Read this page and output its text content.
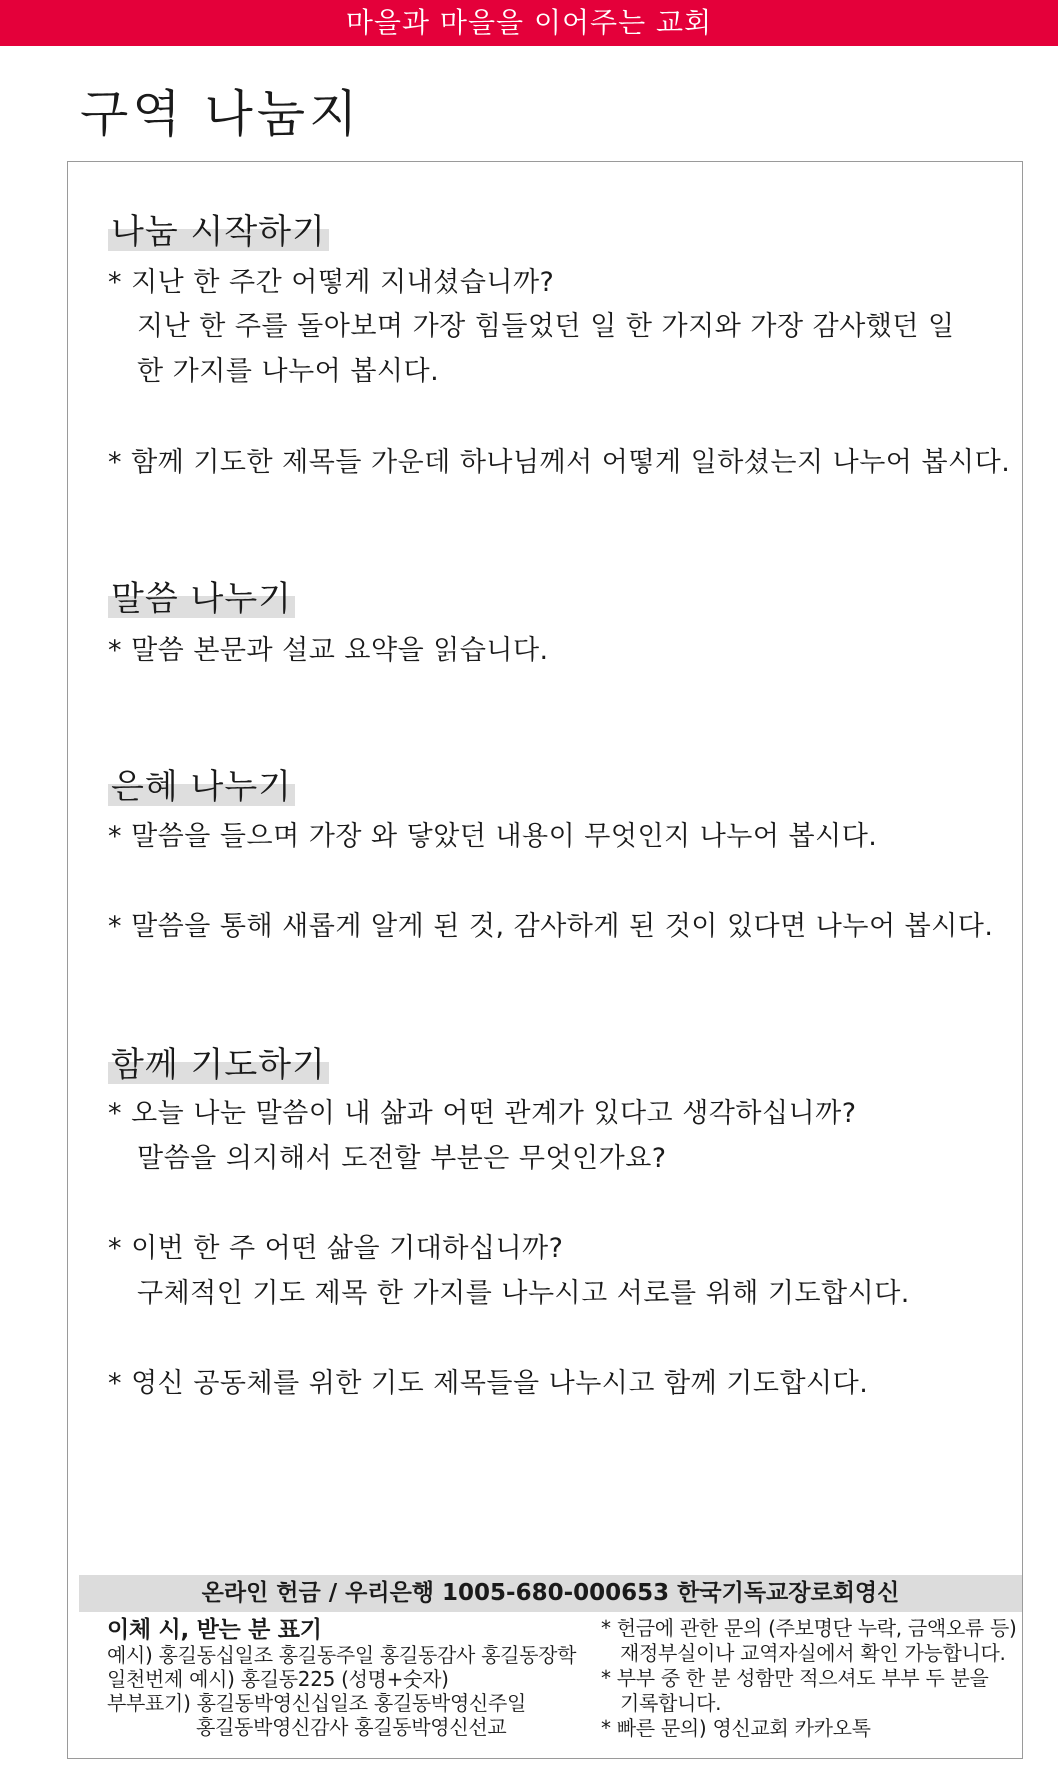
마을과 마을을 이어주는 교회
구역 나눔지
나눔 시작하기

* 지난 한 주간 어떻게 지내셨습니까?

지난 한 주를 돌아보며 가장 힘들었던 일 한 가지와 가장 감사했던 일

한 가지를 나누어 봅시다.

* 함께 기도한 제목들 가운데 하나님께서 어떻게 일하셨는지 나누어 봅시다.

말씀 나누기

* 말씀 본문과 설교 요약을 읽습니다.

은혜 나누기

* 말씀을 들으며 가장 와 닿았던 내용이 무엇인지 나누어 봅시다.

* 말씀을 통해 새롭게 알게 된 것, 감사하게 된 것이 있다면 나누어 봅시다.

함께 기도하기

* 오늘 나눈 말씀이 내 삶과 어떤 관계가 있다고 생각하십니까?

말씀을 의지해서 도전할 부분은 무엇인가요?

* 이번 한 주 어떤 삶을 기대하십니까?

구체적인 기도 제목 한 가지를 나누시고 서로를 위해 기도합시다.

* 영신 공동체를 위한 기도 제목들을 나누시고 함께 기도합시다.

온라인 헌금 / 우리은행 1005-680-000653 한국기독교장로회영신

이체 시, 받는 분 표기

예시) 홍길동십일조 홍길동주일 홍길동감사 홍길동장학

일천번제 예시) 홍길동225 (성명+숫자)

부부표기) 홍길동박영신십일조 홍길동박영신주일

홍길동박영신감사 홍길동박영신선교

* 헌금에 관한 문의 (주보명단 누락, 금액오류 등)

재정부실이나 교역자실에서 확인 가능합니다.

* 부부 중 한 분 성함만 적으셔도 부부 두 분을

기록합니다.

* 빠른 문의) 영신교회 카카오톡
